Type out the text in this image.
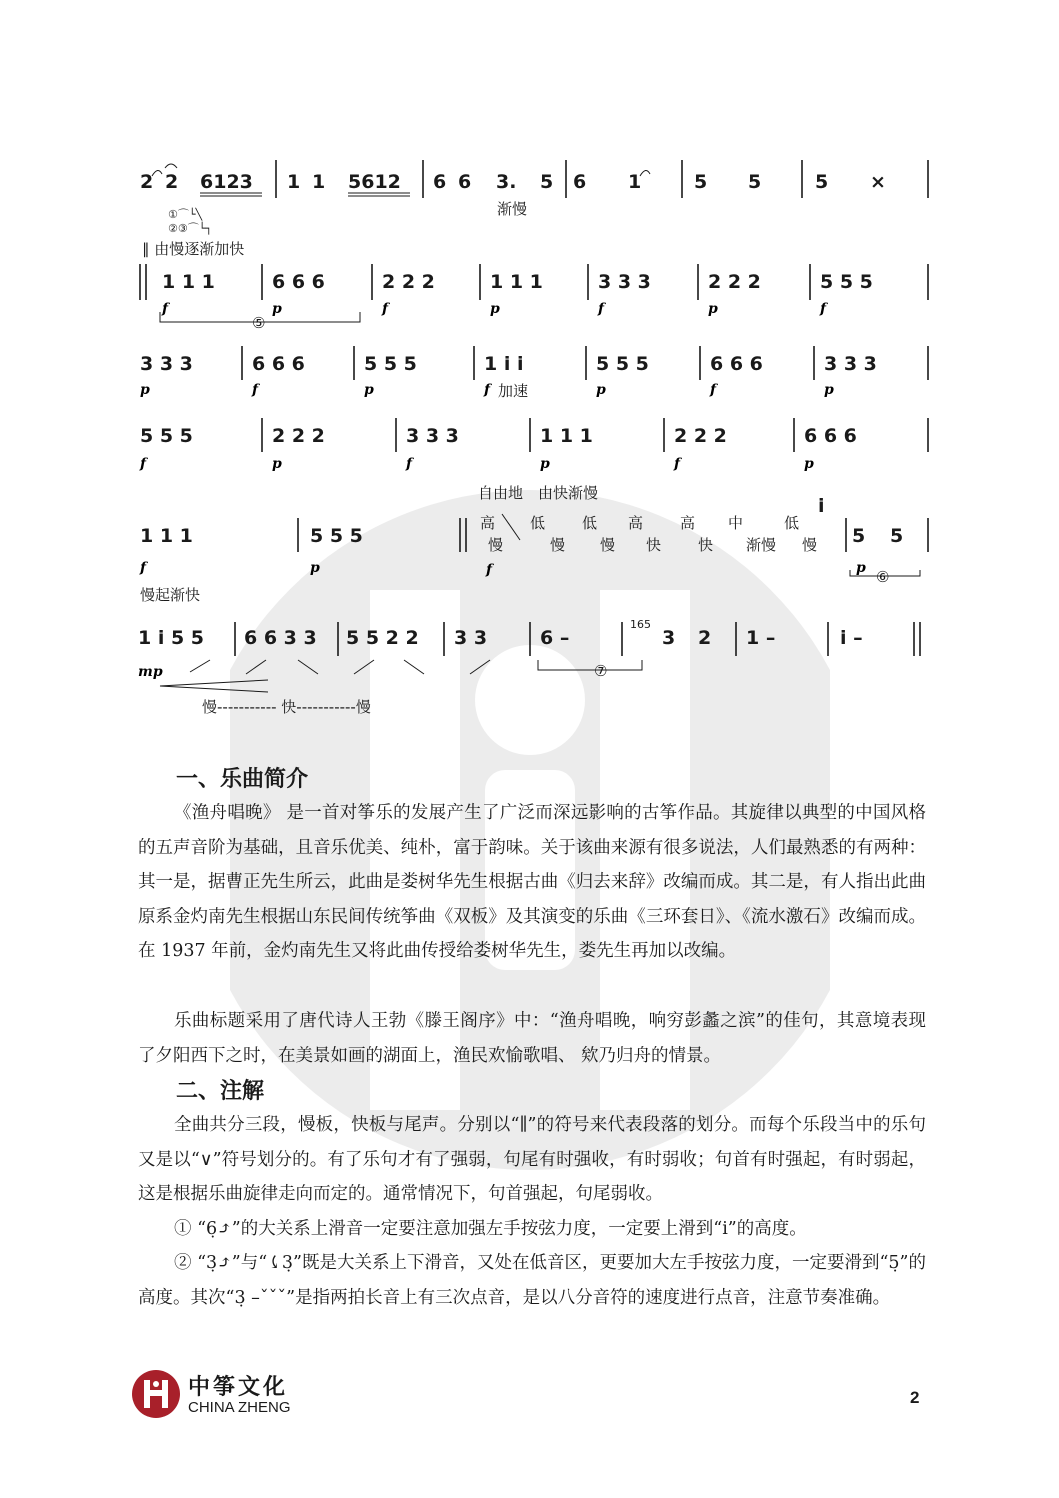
2 2 6123 1 1 5612 6 6 3. 5
渐慢
6 1	5 5	5 ×
①⌒└╲
②③⌒└┐
∥ 由慢逐渐加快
1 1 1
f
6 6 6
p
2 2 2
f
1 1 1
p
3 3 3
f
2 2 2
p
5 5 5
f
⑤
3 3 3
p
6 6 6
f
5 5 5
p
1 i i
f 加速
5 5 5
p
6 6 6
f
3 3 3
p
5 5 5
f
2 2 2
p
3 3 3
f
1 1 1
p
2 2 2
f
6 6 6
p
自由地　由快渐慢
1 1 1
f
5 5 5
p
高
慢
f
低
慢
低
慢
高
快
高
快
中
渐慢
低
慢
i
5 5
p ⑥
慢起渐快
1 i 5 5 6 6 3 3 5 5 2 2 3 3	6 –
165
3 2 1 –	i –
mp	⑦
慢----------- 快-----------慢
一、乐曲简介

《渔舟唱晚》 是一首对筝乐的发展产生了广泛而深远影响的古筝作品。其旋律以典型的中国风格的五声音阶为基础，且音乐优美、纯朴，富于韵味。关于该曲来源有很多说法，人们最熟悉的有两种：其一是，据曹正先生所云，此曲是娄树华先生根据古曲《归去来辞》改编而成。其二是，有人指出此曲原系金灼南先生根据山东民间传统筝曲《双板》及其演变的乐曲《三环套日》、《流水激石》改编而成。在 1937 年前，金灼南先生又将此曲传授给娄树华先生，娄先生再加以改编。

乐曲标题采用了唐代诗人王勃《滕王阁序》中：“渔舟唱晚，响穷彭蠡之滨”的佳句，其意境表现了夕阳西下之时，在美景如画的湖面上，渔民欢愉歌唱、 欸乃归舟的情景。

二、注解

全曲共分三段，慢板，快板与尾声。分别以“∥”的符号来代表段落的划分。而每个乐段当中的乐句又是以“∨”符号划分的。有了乐句才有了强弱，句尾有时强收，有时弱收；句首有时强起，有时弱起，这是根据乐曲旋律走向而定的。通常情况下，句首强起，句尾弱收。

① “6̣⤴”的大关系上滑音一定要注意加强左手按弦力度，一定要上滑到“i”的高度。

② “3̣⤴”与“⤹3̣”既是大关系上下滑音，又处在低音区，更要加大左手按弦力度，一定要滑到“5̣”的高度。其次“3̣ –ˇˇˇ”是指两拍长音上有三次点音，是以八分音符的速度进行点音，注意节奏准确。

中筝文化
CHINA ZHENG
2
